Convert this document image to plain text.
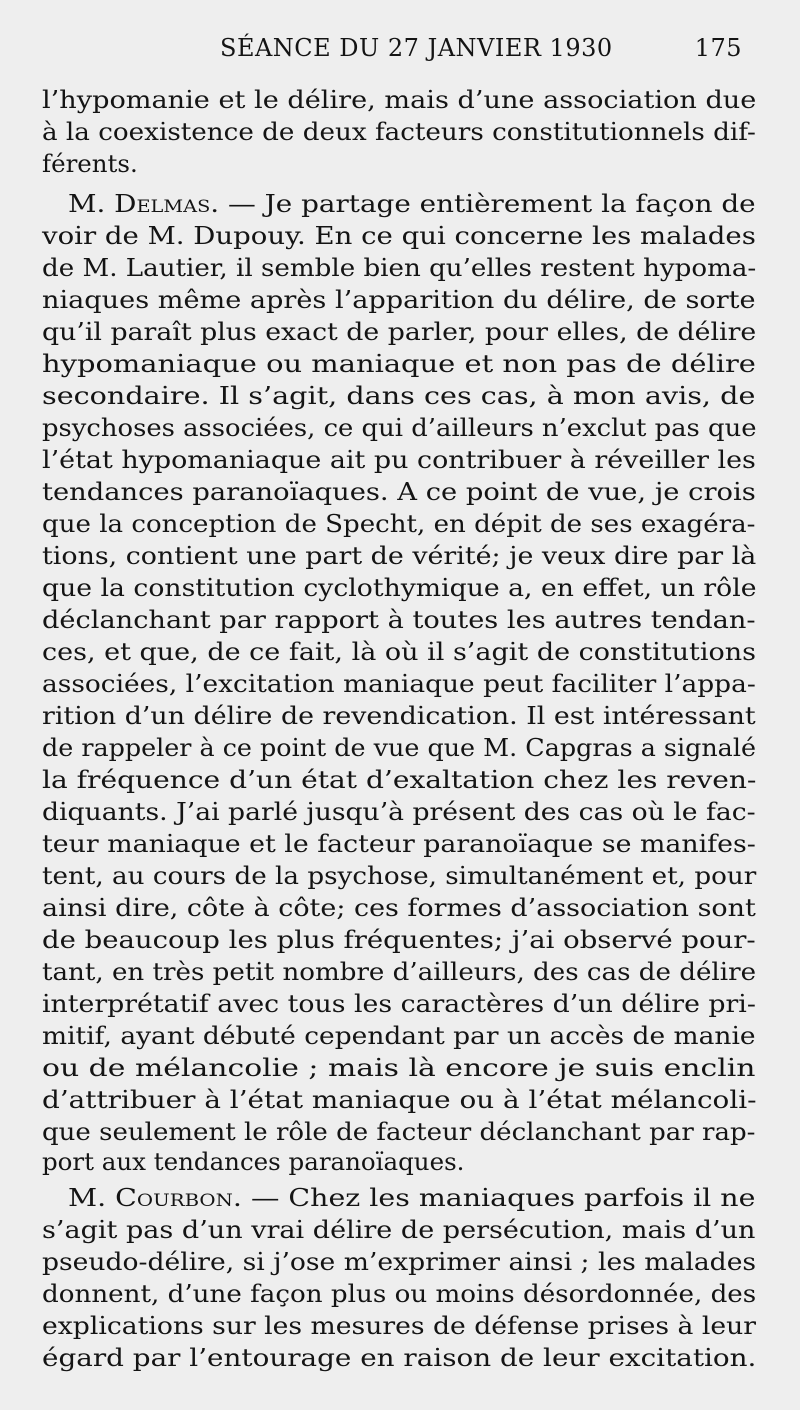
SÉANCE DU 27 JANVIER 1930	175
l’hypomanie et le délire, mais d’une association due
à la coexistence de deux facteurs constitutionnels dif-
férents.
M. Delmas. — Je partage entièrement la façon de
voir de M. Dupouy. En ce qui concerne les malades
de M. Lautier, il semble bien qu’elles restent hypoma-
niaques même après l’apparition du délire, de sorte
qu’il paraît plus exact de parler, pour elles, de délire
hypomaniaque ou maniaque et non pas de délire
secondaire. Il s’agit, dans ces cas, à mon avis, de
psychoses associées, ce qui d’ailleurs n’exclut pas que
l’état hypomaniaque ait pu contribuer à réveiller les
tendances paranoïaques. A ce point de vue, je crois
que la conception de Specht, en dépit de ses exagéra-
tions, contient une part de vérité; je veux dire par là
que la constitution cyclothymique a, en effet, un rôle
déclanchant par rapport à toutes les autres tendan-
ces, et que, de ce fait, là où il s’agit de constitutions
associées, l’excitation maniaque peut faciliter l’appa-
rition d’un délire de revendication. Il est intéressant
de rappeler à ce point de vue que M. Capgras a signalé
la fréquence d’un état d’exaltation chez les reven-
diquants. J’ai parlé jusqu’à présent des cas où le fac-
teur maniaque et le facteur paranoïaque se manifes-
tent, au cours de la psychose, simultanément et, pour
ainsi dire, côte à côte; ces formes d’association sont
de beaucoup les plus fréquentes; j’ai observé pour-
tant, en très petit nombre d’ailleurs, des cas de délire
interprétatif avec tous les caractères d’un délire pri-
mitif, ayant débuté cependant par un accès de manie
ou de mélancolie ; mais là encore je suis enclin
d’attribuer à l’état maniaque ou à l’état mélancoli-
que seulement le rôle de facteur déclanchant par rap-
port aux tendances paranoïaques.
M. Courbon. — Chez les maniaques parfois il ne
s’agit pas d’un vrai délire de persécution, mais d’un
pseudo-délire, si j’ose m’exprimer ainsi ; les malades
donnent, d’une façon plus ou moins désordonnée, des
explications sur les mesures de défense prises à leur
égard par l’entourage en raison de leur excitation.
